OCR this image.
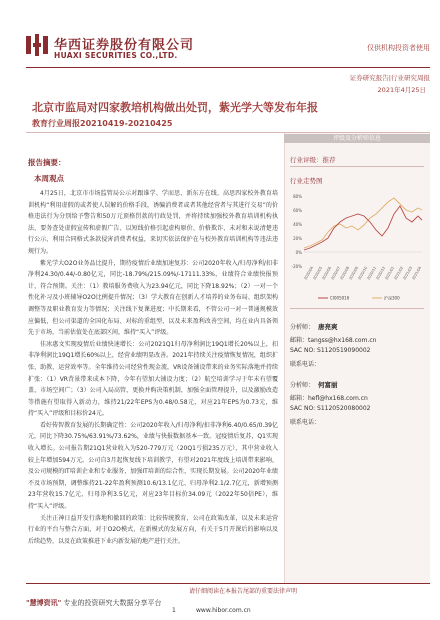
华西证券股份有限公司
HUAXI SECURITIES CO.,LTD.
仅供机构投资者使用
证券研究报告|行业研究周报
2021年4月25日
北京市监局对四家教培机构做出处罚，紫光学大等发布年报
教育行业周报20210419-20210425
报告摘要：
本周观点

4月25日，北京市市场监管局公示对跟谁学、学而思、新东方在线、高思四家校外教育培训机构“利用虚假的或者使人误解的价格手段，诱骗消费者或者其他经营者与其进行交易”的价格违法行为分别给予警告和50万元顶格罚款的行政处罚，并将持续加强校外教育培训机构执法，要务查处虚假宣传和虚假广告、以短线价格引起虚构原价、价格欺诈、未对和未说清楚违行公示、利用合同格式条款侵害消费者权益，来切实依法保护在与校外教育培训机构等违法违规行为。

紫光学大O2O业务品比提升，期待疫情后业绩加速复苏：公司2020年收入/归母净利/扣非净利24.30/0.44/-0.80亿元，同比-18.79%/215.09%/-17111.33%，业绩符合业绩快报预计，符合预期。关注：（1）教培服务费收入为23.94亿元，同比下降18.92%；（2）一对一个性化补习及小班辅导O2O比例提升情况；（3）学大教育在创新人才培养的业务布局、组织架构调整等及职业教育发力等情况；关注线下复课进度；中长期来看，不管公司一对一普通规模效应偏低，但公司渠道的全国化布局、对标的重组型、以及未来盈利改善空间，均在业内具备领先于市场，当前估值处在底部区间，维持“买入”评级。

佳冰惠文实现疫情后业绩快速增长：公司2021Q1归母净利润比19Q1增长20%以上，扣非净利润比19Q1增长60%以上，经营业绩明显改善。2021年持续关注疫情恢复情况，组织扩张、助教、运营效率等。全年维持公司经营性现金流，VR设备铺设带来的业务实际落地并持续扩张：（1）VR背景带来成本下降，今年有望加大铺设力度；（2）航空培训学习于年末有望覆盖，市场空间广；（3）公司入局高管，更换并购决策机制，加强全面管理提升，以及激励改造等措施有望取得入新动力，维持21/22年EPS为0.48/0.58元，对应21年EPS为0.73元，维持“买入”评级和目标价24元。

看好传智教育发展的长期确定性：公司2020年收入/归母净利/扣非净利6.40/0.65/0.39亿元，同比下降30.75%/63.91%/73.62%，业绩与快报数据基本一致。冠疫情后复苏，Q1实现收入增长。公司报告期21Q1营业收入为520-779万元（20Q1亏损235万元），其中营业收入较上年增加594万元。公司自3月起恢复线下培训教学，有望对2021年度线上培训带来影响，及公司规模的IT培训企业和专业服务，加强IT培训的综合性，实现长期发展。公司2020年业绩不及市场预期，调整维持21-22年盈利预测10.6/13.1亿元、归母净利2.1/2.7亿元，新增预测23年营收15.7亿元、归母净利3.5亿元，对应23年目标价34.09元（2022年50倍PE），维持“买入”评级。

关注正神日益开发行落地和撤回的政策：比较传统教育，公司在政策改革，以及未来运营行业的平台与整合方面，对于O2O模式、在新模式的发展方向，有关于5月开课后的影响以及后续趋势，以及在政策推进下业内新发展的地产进行关注。

评级及分析师信息
行业评级：推荐
行业走势图
80%
60%
40%
20%
0%
-20% 2020/04
2020/05
2020/06
2020/07
2020/08
2020/09
2020/10
2020/11
2020/12
2021/01
2021/02
2021/03
2021/04
CI005016	沪深300
分析师： 唐亮爽
邮箱：tangss@hx168.com.cn
SAC NO: S1120519090002
联系电话：
分析师： 何富丽
邮箱：hefl@hx168.com.cn
SAC NO: S1120520080002
联系电话：
请仔细阅读在本报告尾部的重要法律声明
"慧博资讯" 专业的投资研究大数据分享平台
1	www.hibor.com.cn
